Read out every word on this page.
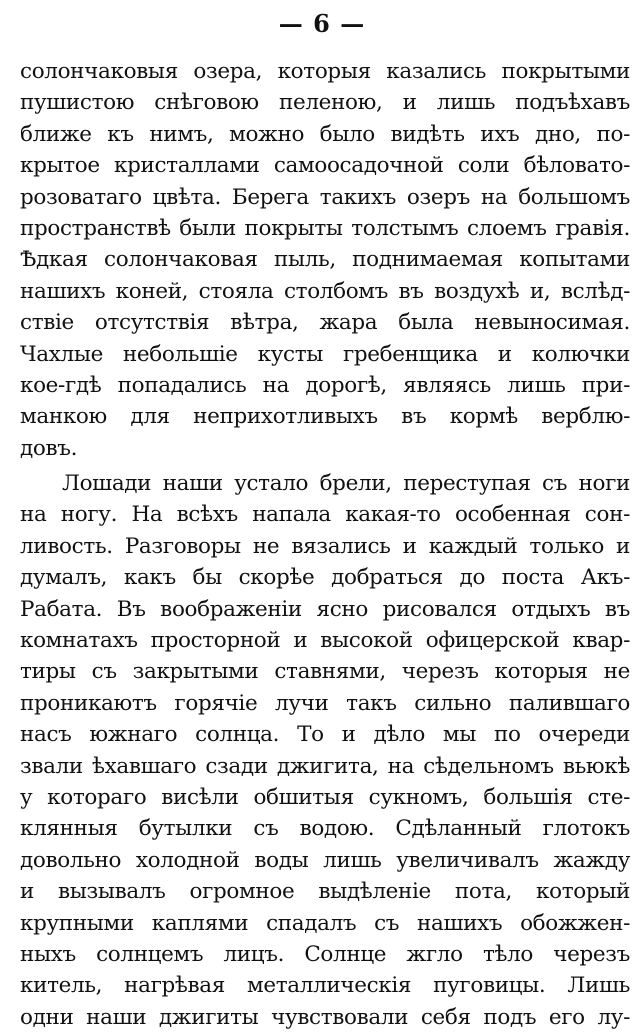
— 6 —
солончаковыя озера, которыя казались покрытыми
пушистою снѣговою пеленою, и лишь подъѣхавъ
ближе къ нимъ, можно было видѣть ихъ дно, по-
крытое кристаллами самоосадочной соли бѣловато-
розоватаго цвѣта. Берега такихъ озеръ на большомъ
пространствѣ были покрыты толстымъ слоемъ гравія.
Ѣдкая солончаковая пыль, поднимаемая копытами
нашихъ коней, стояла столбомъ въ воздухѣ и, вслѣд-
ствіе отсутствія вѣтра, жара была невыносимая.
Чахлые небольшіе кусты гребенщика и колючки
кое-гдѣ попадались на дорогѣ, являясь лишь при-
манкою для неприхотливыхъ въ кормѣ верблю-
довъ.
Лошади наши устало брели, переступая съ ноги
на ногу. На всѣхъ напала какая-то особенная сон-
ливость. Разговоры не вязались и каждый только и
думалъ, какъ бы скорѣе добраться до поста Акъ-
Рабата. Въ воображеніи ясно рисовался отдыхъ въ
комнатахъ просторной и высокой офицерской квар-
тиры съ закрытыми ставнями, черезъ которыя не
проникаютъ горячіе лучи такъ сильно палившаго
насъ южнаго солнца. То и дѣло мы по очереди
звали ѣхавшаго сзади джигита, на сѣдельномъ вьюкѣ
у котораго висѣли обшитыя сукномъ, большія сте-
клянныя бутылки съ водою. Сдѣланный глотокъ
довольно холодной воды лишь увеличивалъ жажду
и вызывалъ огромное выдѣленіе пота, который
крупными каплями спадалъ съ нашихъ обожжен-
ныхъ солнцемъ лицъ. Солнце жгло тѣло черезъ
китель, нагрѣвая металлическія пуговицы. Лишь
одни наши джигиты чувствовали себя подъ его лу-
